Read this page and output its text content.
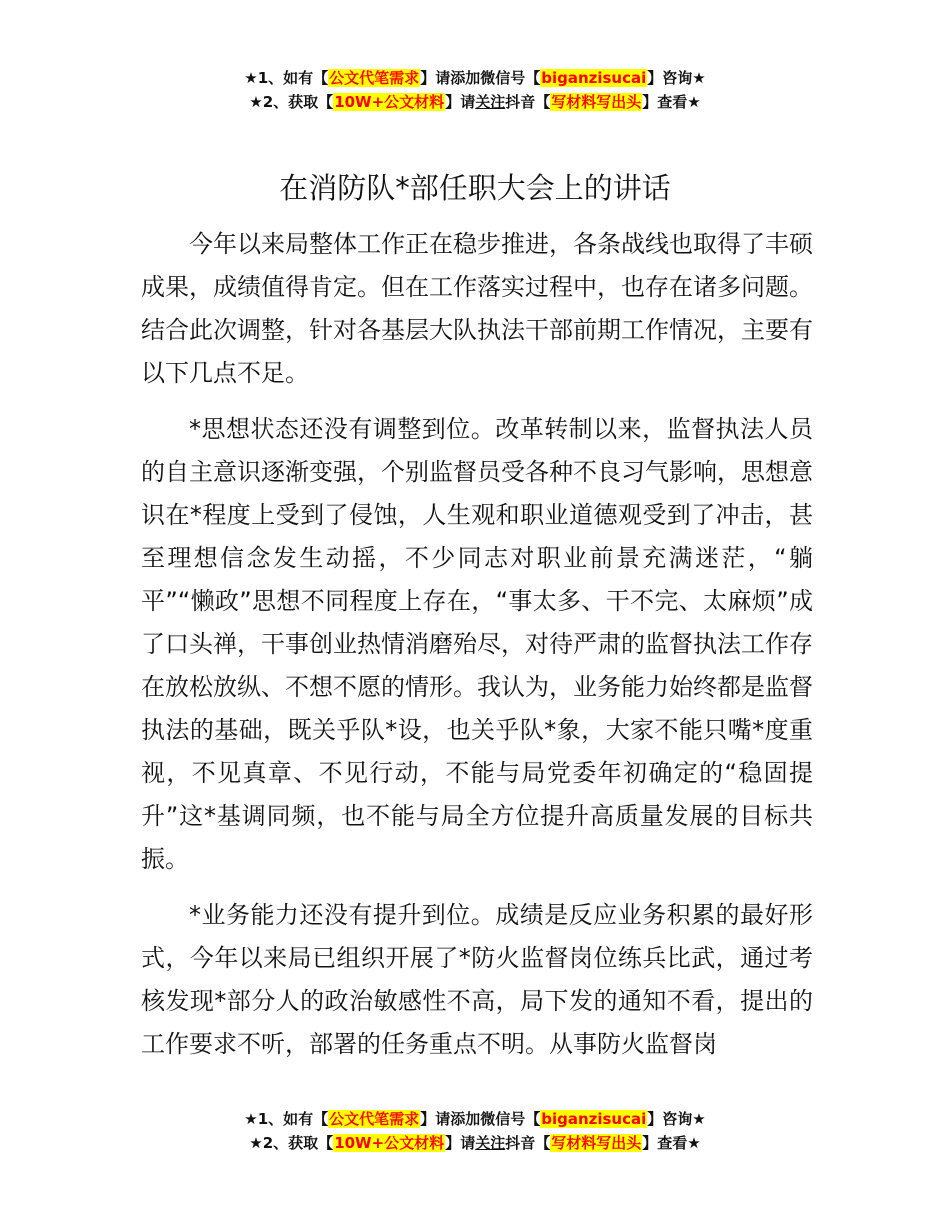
★1、如有【公文代笔需求】请添加微信号【biganzisucai】咨询★
★2、获取【10W+公文材料】请关注抖音【写材料写出头】查看★
在消防队*部任职大会上的讲话

今年以来局整体工作正在稳步推进，各条战线也取得了丰硕成果，成绩值得肯定。但在工作落实过程中，也存在诸多问题。结合此次调整，针对各基层大队执法干部前期工作情况，主要有以下几点不足。

*思想状态还没有调整到位。改革转制以来，监督执法人员的自主意识逐渐变强，个别监督员受各种不良习气影响，思想意识在*程度上受到了侵蚀，人生观和职业道德观受到了冲击，甚至理想信念发生动摇，不少同志对职业前景充满迷茫，“躺平”“懒政”思想不同程度上存在，“事太多、干不完、太麻烦”成了口头禅，干事创业热情消磨殆尽，对待严肃的监督执法工作存在放松放纵、不想不愿的情形。我认为，业务能力始终都是监督执法的基础，既关乎队*设，也关乎队*象，大家不能只嘴*度重视，不见真章、不见行动，不能与局党委年初确定的“稳固提升”这*基调同频，也不能与局全方位提升高质量发展的目标共振。

*业务能力还没有提升到位。成绩是反应业务积累的最好形式，今年以来局已组织开展了*防火监督岗位练兵比武，通过考核发现*部分人的政治敏感性不高，局下发的通知不看，提出的工作要求不听，部署的任务重点不明。从事防火监督岗

★1、如有【公文代笔需求】请添加微信号【biganzisucai】咨询★
★2、获取【10W+公文材料】请关注抖音【写材料写出头】查看★
